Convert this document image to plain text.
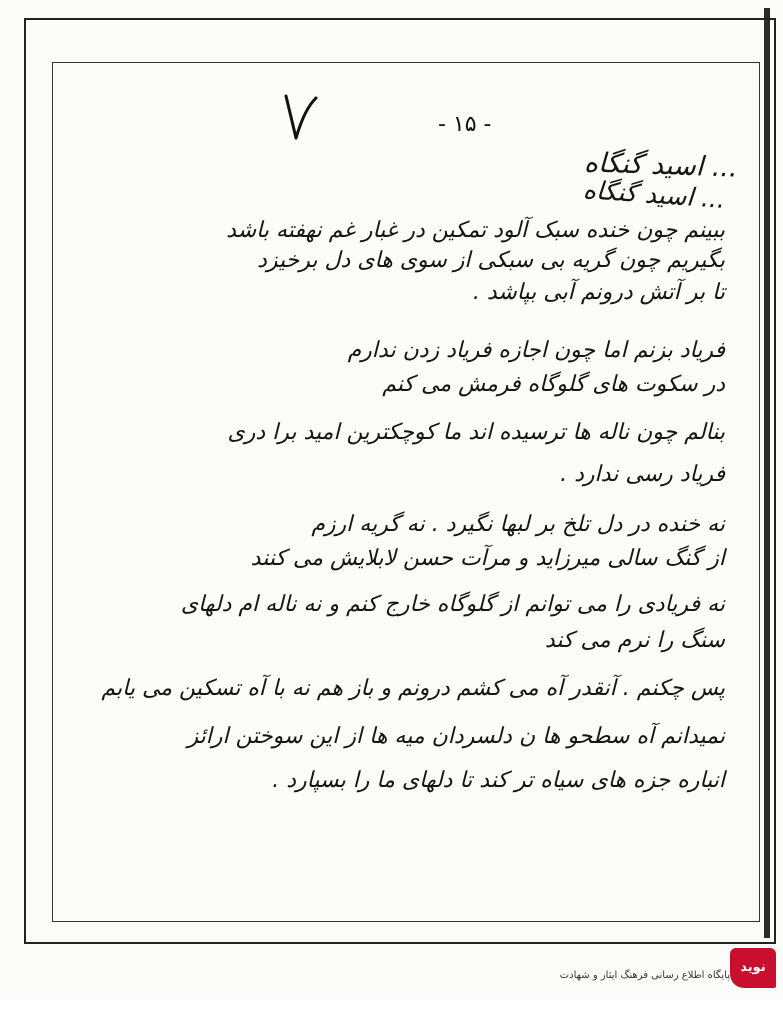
- ۱۵ -
... اسید گنگاه
... اسید گنگاه
ببینم چون خنده سبک آلود تمکین در غبار غم نهفته باشد
بگیریم چون گریه بی سبکی از سوی های دل برخیزد
تا بر آتش درونم آبی بپاشد .
فریاد بزنم اما چون اجازه فریاد زدن ندارم
در سکوت های گلوگاه فرمش می کنم
بنالم چون ناله ها ترسیده اند ما کوچکترین امید برا دری
فریاد رسی ندارد .
نه خنده در دل تلخ بر لبها نگیرد . نه گریه ارزم
از گنگ سالی میرزاید و مرآت حسن لابلایش می کنند
نه فریادی را می توانم از گلوگاه خارج کنم و نه ناله ام دلهای
سنگ را نرم می کند
پس چکنم . آنقدر آه می کشم درونم و باز هم نه با آه تسکین می یابم
نمیدانم آه سطحو ها ن دلسردان میه ها از این سوختن ارائز
انباره جزه های سیاه تر کند تا دلهای ما را بسپارد .
نوید شاهد
پایگاه اطلاع رسانی فرهنگ ایثار و شهادت
